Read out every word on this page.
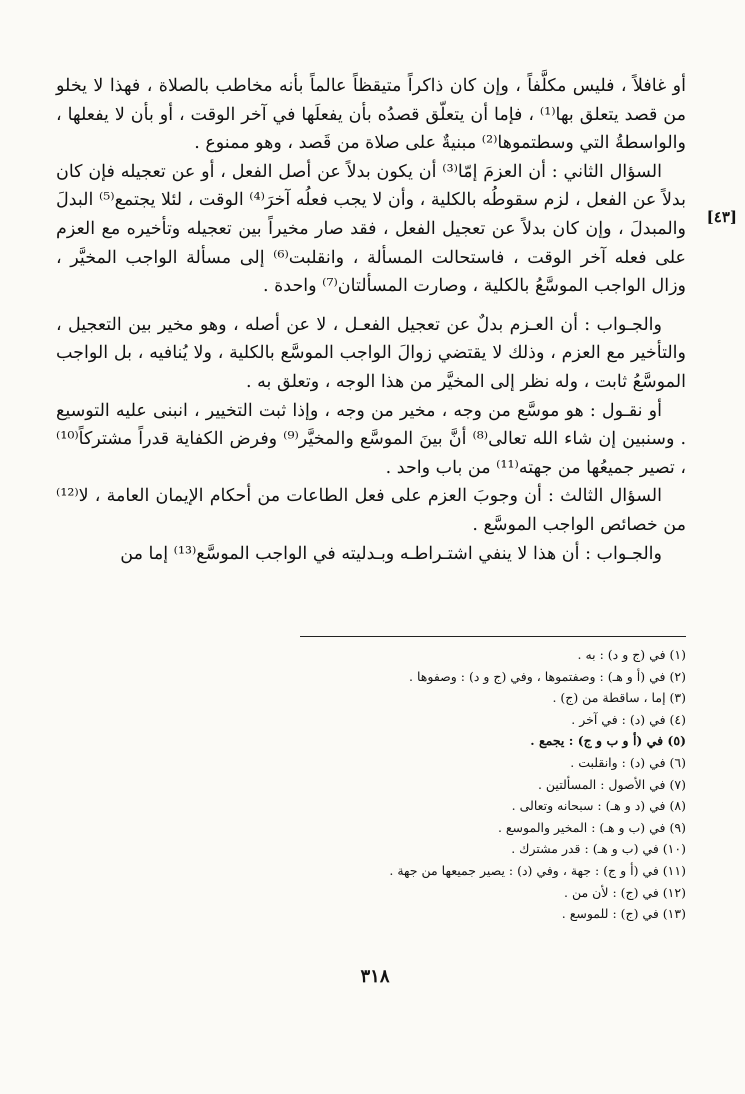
[٤٣]

أو غافلاً ، فليس مكلَّفاً ، وإن كان ذاكراً متيقظاً عالماً بأنه مخاطب بالصلاة ، فهذا لا يخلو من قصد يتعلق بها⁽¹⁾ ، فإما أن يتعلّق قصدُه بأن يفعلَها في آخر الوقت ، أو بأن لا يفعلها ، والواسطةُ التي وسطتموها⁽²⁾ مبنيةٌ على صلاة من قَصد ، وهو ممنوع .

السؤال الثاني : أن العزمَ إمّا⁽³⁾ أن يكون بدلاً عن أصل الفعل ، أو عن تعجيله فإن كان بدلاً عن الفعل ، لزم سقوطُه بالكلية ، وأن لا يجب فعلُه آخرَ⁽⁴⁾ الوقت ، لئلا يجتمع⁽⁵⁾ البدلَ والمبدلَ ، وإن كان بدلاً عن تعجيل الفعل ، فقد صار مخيراً بين تعجيله وتأخيره مع العزم على فعله آخر الوقت ، فاستحالت المسألة ، وانقلبت⁽⁶⁾ إلى مسألة الواجب المخيَّر ، وزال الواجب الموسَّعُ بالكلية ، وصارت المسألتان⁽⁷⁾ واحدة .

والجـواب : أن العـزم بدلٌ عن تعجيل الفعـل ، لا عن أصله ، وهو مخير بين التعجيل ، والتأخير مع العزم ، وذلك لا يقتضي زوالَ الواجب الموسَّع بالكلية ، ولا يُنافيه ، بل الواجب الموسَّعُ ثابت ، وله نظر إلى المخيَّر من هذا الوجه ، وتعلق به .

أو نقـول : هو موسَّع من وجه ، مخير من وجه ، وإذا ثبت التخيير ، انبنى عليه التوسيع . وسنبين إن شاء الله تعالى⁽⁸⁾ أنَّ بينَ الموسَّع والمخيَّر⁽⁹⁾ وفرض الكفاية قدراً مشتركاً⁽¹⁰⁾ ، تصير جميعُها من جهته⁽¹¹⁾ من باب واحد .

السؤال الثالث : أن وجوبَ العزم على فعل الطاعات من أحكام الإيمان العامة ، لا⁽¹²⁾ من خصائص الواجب الموسَّع .

والجـواب : أن هذا لا ينفي اشتـراطـه وبـدليته في الواجب الموسَّع⁽¹³⁾ إما من

(١) في (ج و د) : به .
(٢) في (أ و هـ) : وصفتموها ، وفي (ج و د) : وصفوها .
(٣) إما ، ساقطة من (ج) .
(٤) في (د) : في آخر .
(٥) في (أ و ب و ج) : يجمع .
(٦) في (د) : وانقلبت .
(٧) في الأصول : المسألتين .
(٨) في (د و هـ) : سبحانه وتعالى .
(٩) في (ب و هـ) : المخير والموسع .
(١٠) في (ب و هـ) : قدر مشترك .
(١١) في (أ و ج) : جهة ، وفي (د) : يصير جميعها من جهة .
(١٢) في (ج) : لأن من .
(١٣) في (ج) : للموسع .
٣١٨
